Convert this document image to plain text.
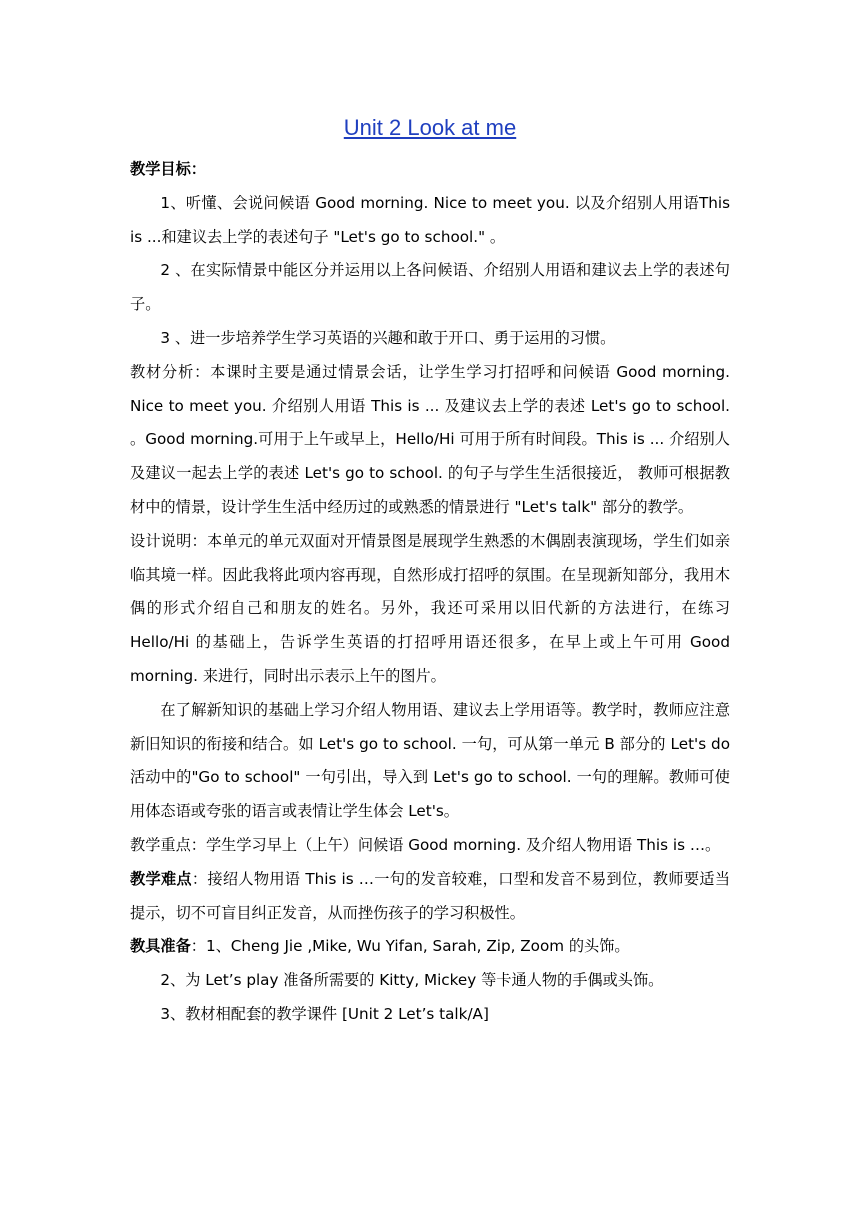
Unit 2 Look at me

教学目标：

1、听懂、会说问候语 Good morning. Nice to meet you. 以及介绍别人用语This is ...和建议去上学的表述句子 "Let's go to school." 。

2 、在实际情景中能区分并运用以上各问候语、介绍别人用语和建议去上学的表述句子。

3 、进一步培养学生学习英语的兴趣和敢于开口、勇于运用的习惯。

教材分析：本课时主要是通过情景会话，让学生学习打招呼和问候语 Good morning. Nice to meet you. 介绍别人用语 This is ... 及建议去上学的表述 Let's go to school. 。Good morning.可用于上午或早上，Hello/Hi 可用于所有时间段。This is ... 介绍别人及建议一起去上学的表述 Let's go to school. 的句子与学生生活很接近， 教师可根据教材中的情景，设计学生生活中经历过的或熟悉的情景进行 "Let's talk" 部分的教学。

设计说明：本单元的单元双面对开情景图是展现学生熟悉的木偶剧表演现场，学生们如亲临其境一样。因此我将此项内容再现，自然形成打招呼的氛围。在呈现新知部分，我用木偶的形式介绍自己和朋友的姓名。另外，我还可采用以旧代新的方法进行，在练习 Hello/Hi 的基础上，告诉学生英语的打招呼用语还很多，在早上或上午可用 Good morning. 来进行，同时出示表示上午的图片。

在了解新知识的基础上学习介绍人物用语、建议去上学用语等。教学时，教师应注意新旧知识的衔接和结合。如 Let's go to school. 一句，可从第一单元 B 部分的 Let's do 活动中的"Go to school" 一句引出，导入到 Let's go to school. 一句的理解。教师可使用体态语或夸张的语言或表情让学生体会 Let's。

教学重点：学生学习早上（上午）问候语 Good morning. 及介绍人物用语 This is …。

教学难点：接绍人物用语 This is …一句的发音较难，口型和发音不易到位，教师要适当提示，切不可盲目纠正发音，从而挫伤孩子的学习积极性。

教具准备：1、Cheng Jie ,Mike, Wu Yifan, Sarah, Zip, Zoom 的头饰。

2、为 Let’s play 准备所需要的 Kitty, Mickey 等卡通人物的手偶或头饰。

3、教材相配套的教学课件 [Unit 2 Let’s talk/A]
